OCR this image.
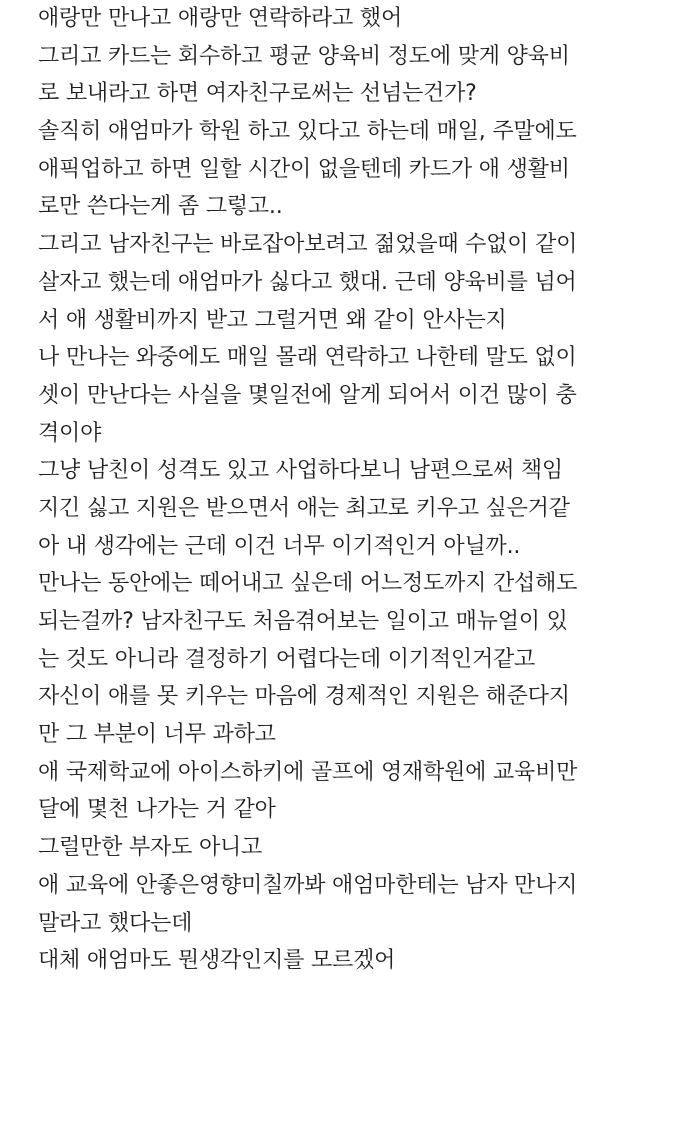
애랑만 만나고 애랑만 연락하라고 했어
그리고 카드는 회수하고 평균 양육비 정도에 맞게 양육비
로 보내라고 하면 여자친구로써는 선넘는건가?
솔직히 애엄마가 학원 하고 있다고 하는데 매일, 주말에도
애픽업하고 하면 일할 시간이 없을텐데 카드가 애 생활비
로만 쓴다는게 좀 그렇고..
그리고 남자친구는 바로잡아보려고 젊었을때 수없이 같이
살자고 했는데 애엄마가 싫다고 했대. 근데 양육비를 넘어
서 애 생활비까지 받고 그럴거면 왜 같이 안사는지
나 만나는 와중에도 매일 몰래 연락하고 나한테 말도 없이
셋이 만난다는 사실을 몇일전에 알게 되어서 이건 많이 충
격이야
그냥 남친이 성격도 있고 사업하다보니 남편으로써 책임
지긴 싫고 지원은 받으면서 애는 최고로 키우고 싶은거같
아 내 생각에는 근데 이건 너무 이기적인거 아닐까..
만나는 동안에는 떼어내고 싶은데 어느정도까지 간섭해도
되는걸까? 남자친구도 처음겪어보는 일이고 매뉴얼이 있
는 것도 아니라 결정하기 어렵다는데 이기적인거같고
자신이 애를 못 키우는 마음에 경제적인 지원은 해준다지
만 그 부분이 너무 과하고
애 국제학교에 아이스하키에 골프에 영재학원에 교육비만
달에 몇천 나가는 거 같아
그럴만한 부자도 아니고
애 교육에 안좋은영향미칠까봐 애엄마한테는 남자 만나지
말라고 했다는데
대체 애엄마도 뭔생각인지를 모르겠어
